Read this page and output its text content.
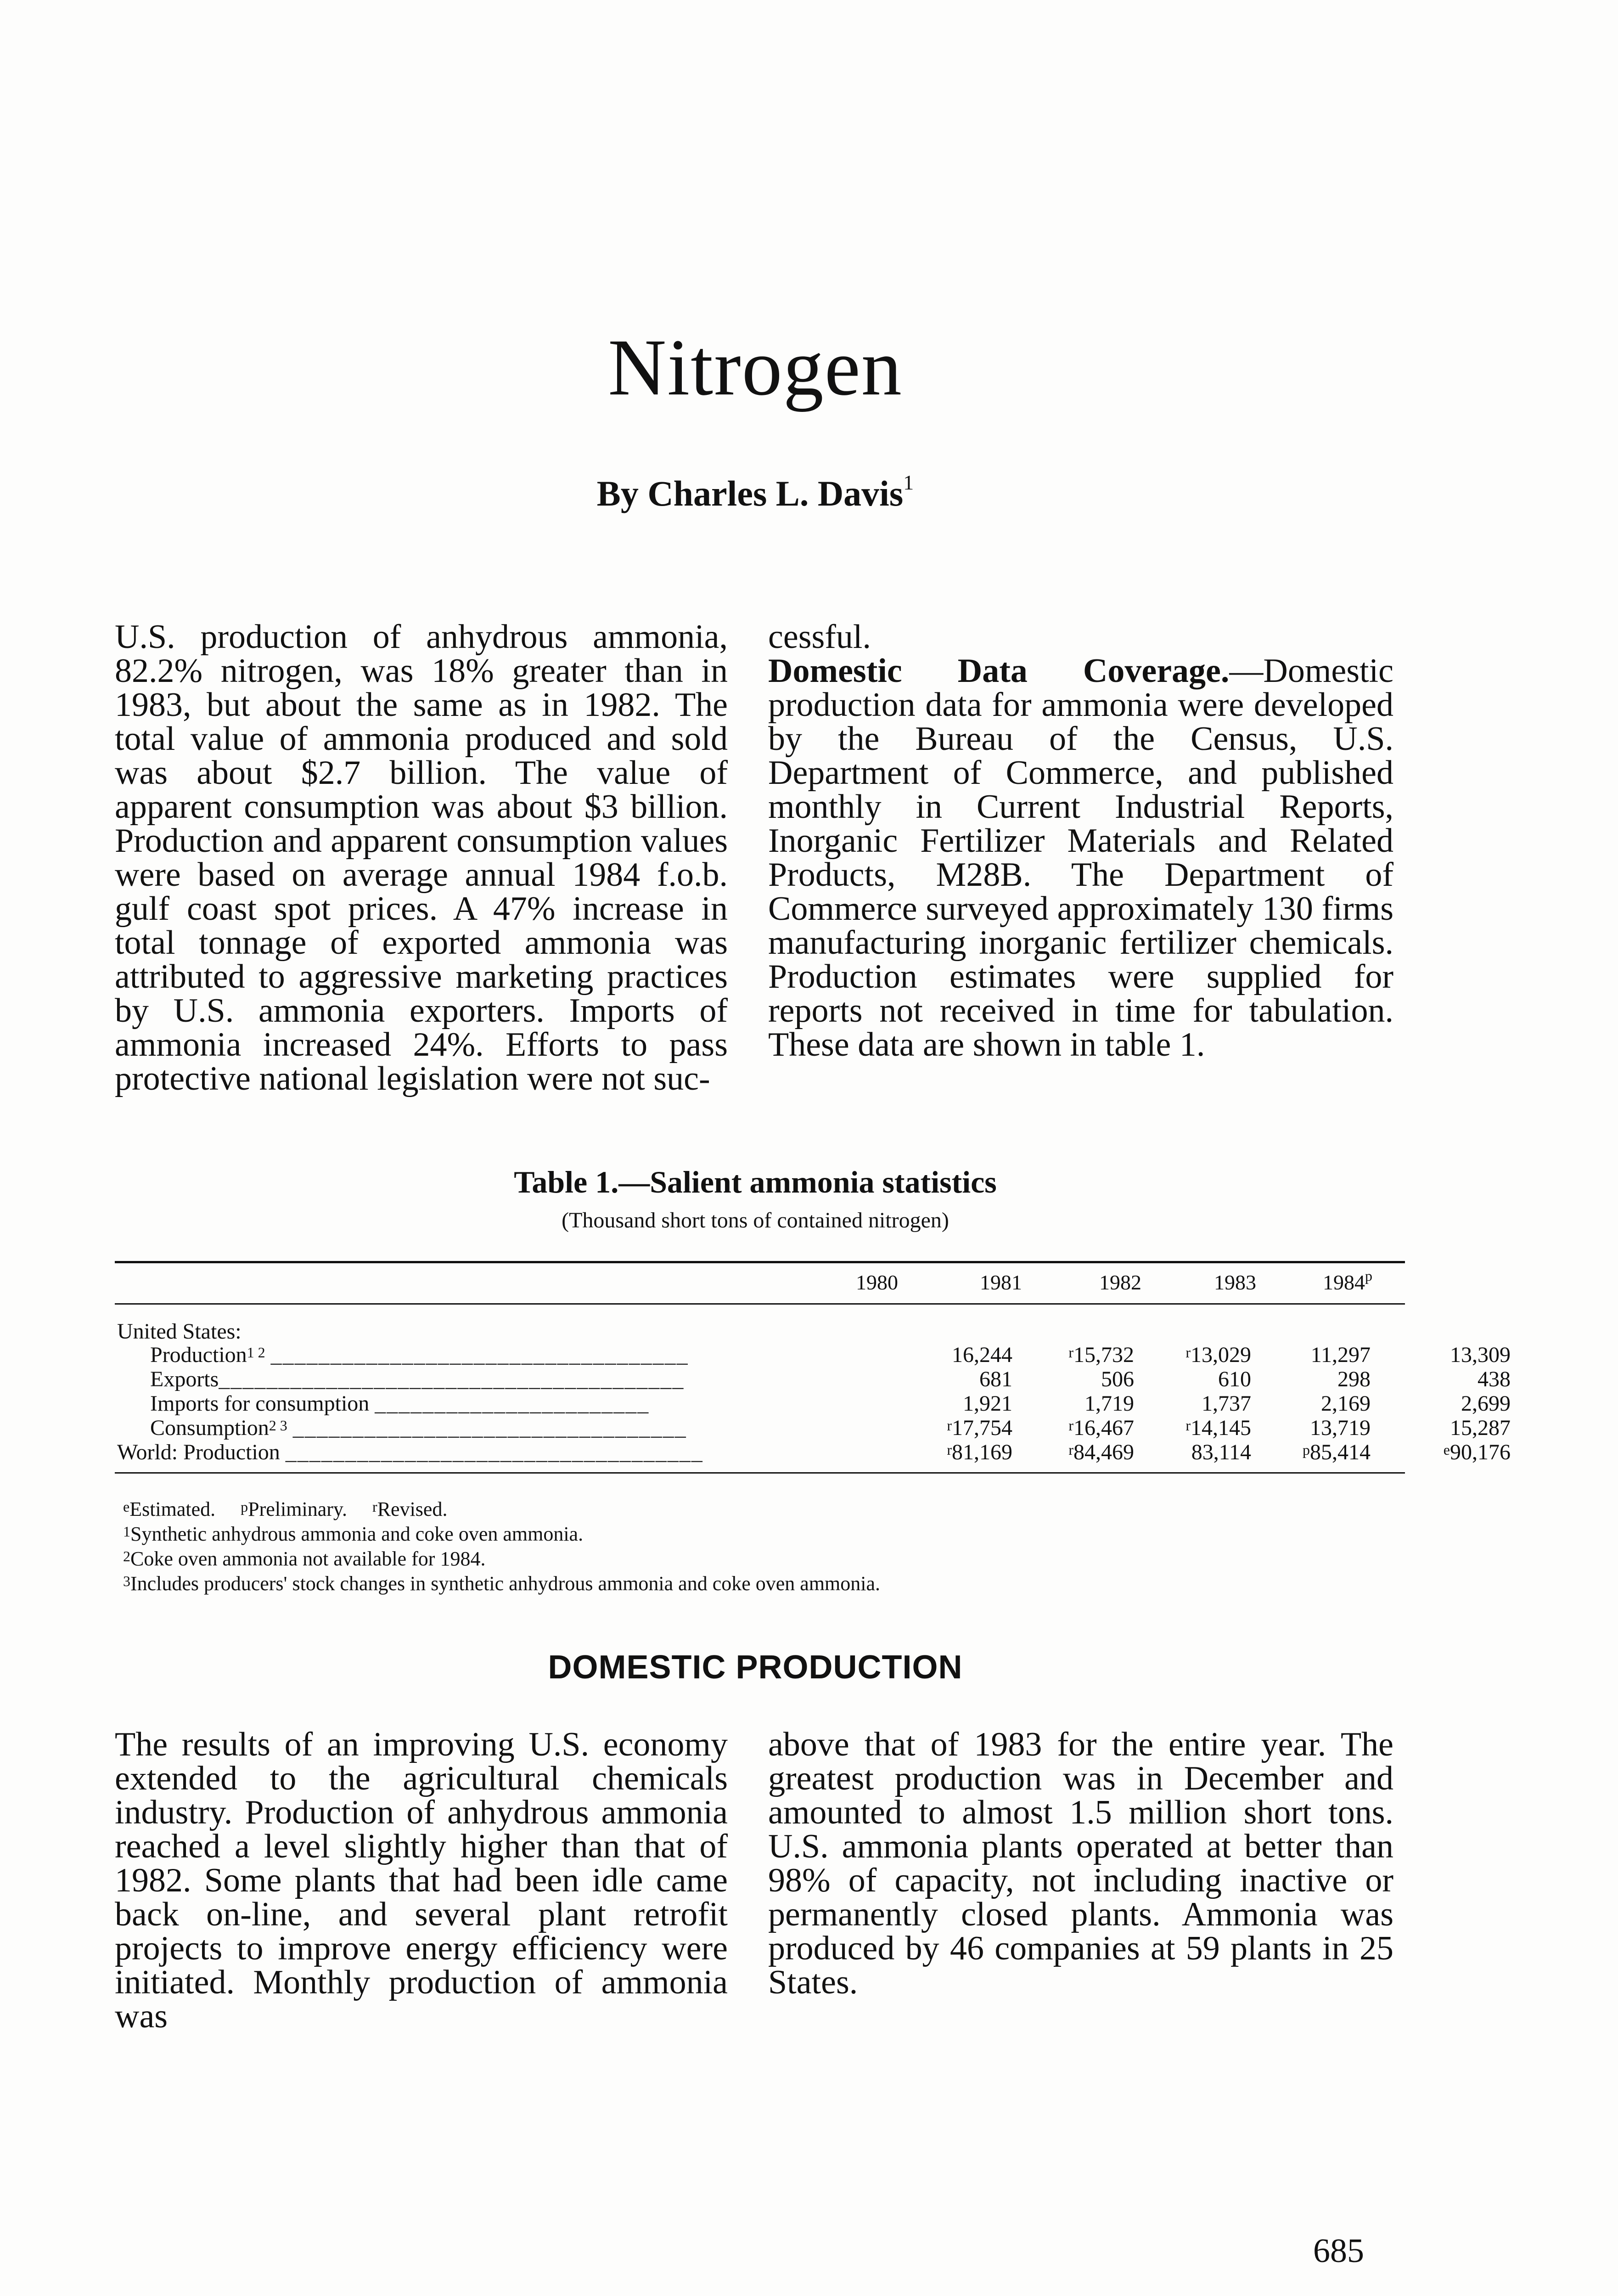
Nitrogen
By Charles L. Davis$^1$

U.S. production of anhydrous ammonia, 82.2% nitrogen, was 18% greater than in 1983, but about the same as in 1982. The total value of ammonia produced and sold was about $2.7 billion. The value of apparent consumption was about $3 billion. Production and apparent consumption values were based on average annual 1984 f.o.b. gulf coast spot prices. A 47% increase in total tonnage of exported ammonia was attributed to aggressive marketing practices by U.S. ammonia exporters. Imports of ammonia increased 24%. Efforts to pass protective national legislation were not suc-

cessful.

Domestic Data Coverage.—Domestic production data for ammonia were developed by the Bureau of the Census, U.S. Department of Commerce, and published monthly in Current Industrial Reports, Inorganic Fertilizer Materials and Related Products, M28B. The Department of Commerce surveyed approximately 130 firms manufacturing inorganic fertilizer chemicals. Production estimates were supplied for reports not received in time for tabulation. These data are shown in table 1.

Table 1.—Salient ammonia statistics
(Thousand short tons of contained nitrogen)
1980	1981	1982	1983	1984$^p$
United States:
Production$^{1 2}$ ___________________________________	16,244	$^r$15,732	$^r$13,029	11,297	13,309
Exports_______________________________________	681	506	610	298	438
Imports for consumption _______________________	1,921	1,719	1,737	2,169	2,699
Consumption$^{2 3}$ _________________________________	$^r$17,754	$^r$16,467	$^r$14,145	13,719	15,287
World: Production ___________________________________	$^r$81,169	$^r$84,469	83,114	$^p$85,414	$^e$90,176
$^e$Estimated. $^p$Preliminary. $^r$Revised.
$^1$Synthetic anhydrous ammonia and coke oven ammonia.
$^2$Coke oven ammonia not available for 1984.
$^3$Includes producers' stock changes in synthetic anhydrous ammonia and coke oven ammonia.
DOMESTIC PRODUCTION

The results of an improving U.S. economy extended to the agricultural chemicals industry. Production of anhydrous ammonia reached a level slightly higher than that of 1982. Some plants that had been idle came back on-line, and several plant retrofit projects to improve energy efficiency were initiated. Monthly production of ammonia was

above that of 1983 for the entire year. The greatest production was in December and amounted to almost 1.5 million short tons. U.S. ammonia plants operated at better than 98% of capacity, not including inactive or permanently closed plants. Ammonia was produced by 46 companies at 59 plants in 25 States.

685
